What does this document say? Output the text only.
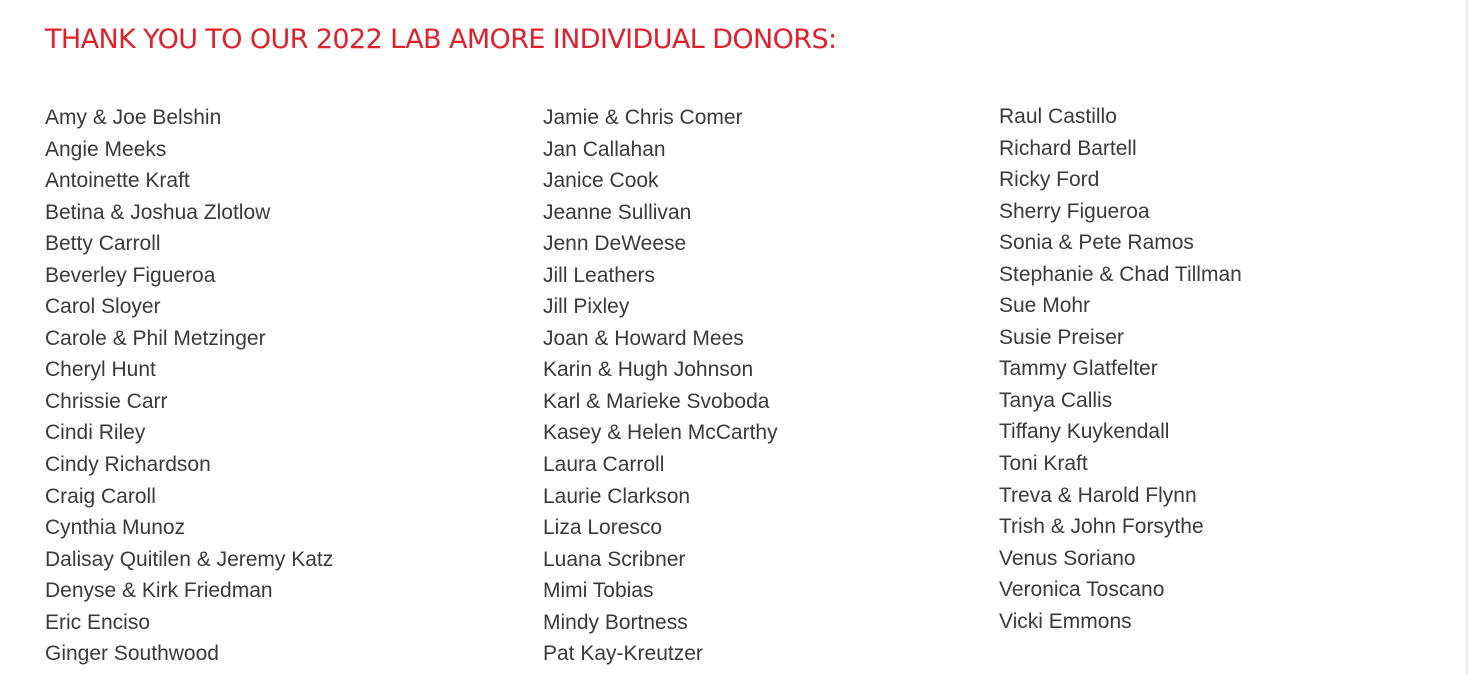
THANK YOU TO OUR 2022 LAB AMORE INDIVIDUAL DONORS:
Amy & Joe Belshin
Angie Meeks
Antoinette Kraft
Betina & Joshua Zlotlow
Betty Carroll
Beverley Figueroa
Carol Sloyer
Carole & Phil Metzinger
Cheryl Hunt
Chrissie Carr
Cindi Riley
Cindy Richardson
Craig Caroll
Cynthia Munoz
Dalisay Quitilen & Jeremy Katz
Denyse & Kirk Friedman
Eric Enciso
Ginger Southwood
Jamie & Chris Comer
Jan Callahan
Janice Cook
Jeanne Sullivan
Jenn DeWeese
Jill Leathers
Jill Pixley
Joan & Howard Mees
Karin & Hugh Johnson
Karl & Marieke Svoboda
Kasey & Helen McCarthy
Laura Carroll
Laurie Clarkson
Liza Loresco
Luana Scribner
Mimi Tobias
Mindy Bortness
Pat Kay-Kreutzer
Raul Castillo
Richard Bartell
Ricky Ford
Sherry Figueroa
Sonia & Pete Ramos
Stephanie & Chad Tillman
Sue Mohr
Susie Preiser
Tammy Glatfelter
Tanya Callis
Tiffany Kuykendall
Toni Kraft
Treva & Harold Flynn
Trish & John Forsythe
Venus Soriano
Veronica Toscano
Vicki Emmons
